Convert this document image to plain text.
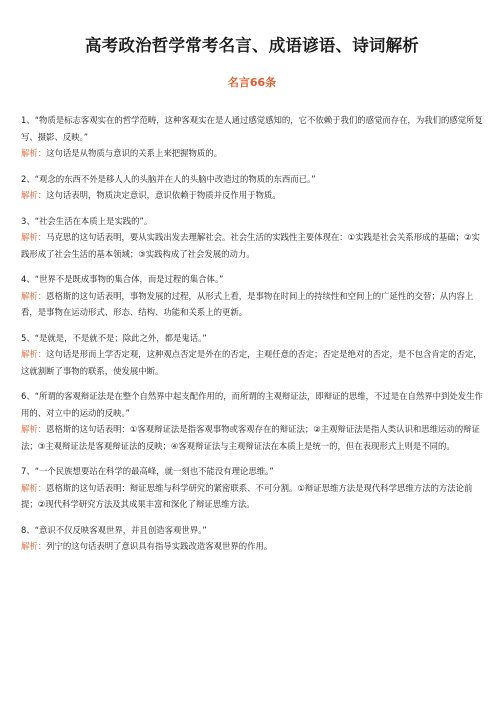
高考政治哲学常考名言、成语谚语、诗词解析
名言66条

1、“物质是标志客观实在的哲学范畴，这种客观实在是人通过感觉感知的，它不依赖于我们的感觉而存在，为我们的感觉所复写、摄影、反映。”

解析：这句话是从物质与意识的关系上来把握物质的。

2、“观念的东西不外是移人人的头脑并在人的头脑中改造过的物质的东西而已。”

解析：这句话表明，物质决定意识，意识依赖于物质并反作用于物质。

3、“社会生活在本质上是实践的”。

解析：马克思的这句话表明，要从实践出发去理解社会。社会生活的实践性主要体现在：①实践是社会关系形成的基础；②实践形成了社会生活的基本领域；③实践构成了社会发展的动力。

4、“世界不是既成事物的集合体，而是过程的集合体。”

解析：恩格斯的这句话表明，事物发展的过程，从形式上看，是事物在时间上的持续性和空间上的广延性的交替；从内容上看，是事物在运动形式、形态、结构、功能和关系上的更新。

5、“是就是，不是就不是；除此之外，都是鬼话。”

解析：这句话是形而上学否定观，这种观点否定是外在的否定，主观任意的否定；否定是绝对的否定，是不包含肯定的否定，这就割断了事物的联系，使发展中断。

6、“所谓的客观辩证法是在整个自然界中起支配作用的，而所谓的主观辩证法，即辩证的思维，不过是在自然界中到处发生作用的、对立中的运动的反映。”

解析：恩格斯的这句话表明：①客观辩证法是指客观事物或客观存在的辩证法；②主观辩证法是指人类认识和思维运动的辩证法；③主观辩证法是客观辩证法的反映；④客观辩证法与主观辩证法在本质上是统一的，但在表现形式上则是不同的。

7、“一个民族想要站在科学的最高峰，就一刻也不能没有理论思维。”

解析：恩格斯的这句话表明：辩证思维与科学研究的紧密联系、不可分割。①辩证思维方法是现代科学思维方法的方法论前提；②现代科学研究方法及其成果丰富和深化了辩证思维方法。

8、“意识不仅反映客观世界，并且创造客观世界。”

解析：列宁的这句话表明了意识具有指导实践改造客观世界的作用。
